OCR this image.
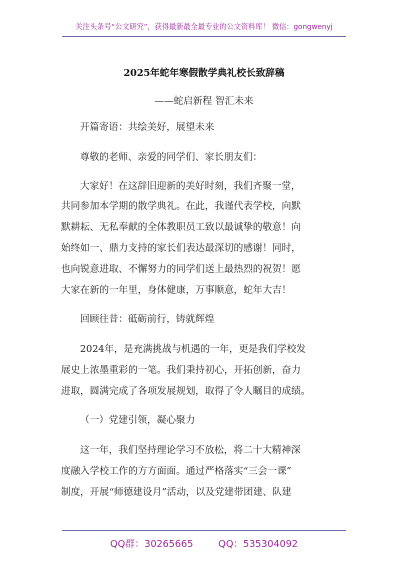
关注头条号“公文研究”，获得最新最全最专业的公文资料库！ 微信：gongwenyj
2025年蛇年寒假散学典礼校长致辞稿
——蛇启新程 智汇未来
开篇寄语：共绘美好，展望未来
尊敬的老师、亲爱的同学们、家长朋友们：
大家好！在这辞旧迎新的美好时刻，我们齐聚一堂，
共同参加本学期的散学典礼。在此，我谨代表学校，向默
默耕耘、无私奉献的全体教职员工致以最诚挚的敬意！向
始终如一、鼎力支持的家长们表达最深切的感谢！同时，
也向锐意进取、不懈努力的同学们送上最热烈的祝贺！愿
大家在新的一年里，身体健康，万事顺意，蛇年大吉！
回顾往昔：砥砺前行，铸就辉煌
2024年，是充满挑战与机遇的一年，更是我们学校发
展史上浓墨重彩的一笔。我们秉持初心，开拓创新，奋力
进取，圆满完成了各项发展规划，取得了令人瞩目的成绩。
（一）党建引领，凝心聚力
这一年，我们坚持理论学习不放松，将二十大精神深
度融入学校工作的方方面面。通过严格落实“三会一课”
制度，开展“师德建设月”活动，以及党建带团建、队建
QQ群：30265665	QQ：535304092
